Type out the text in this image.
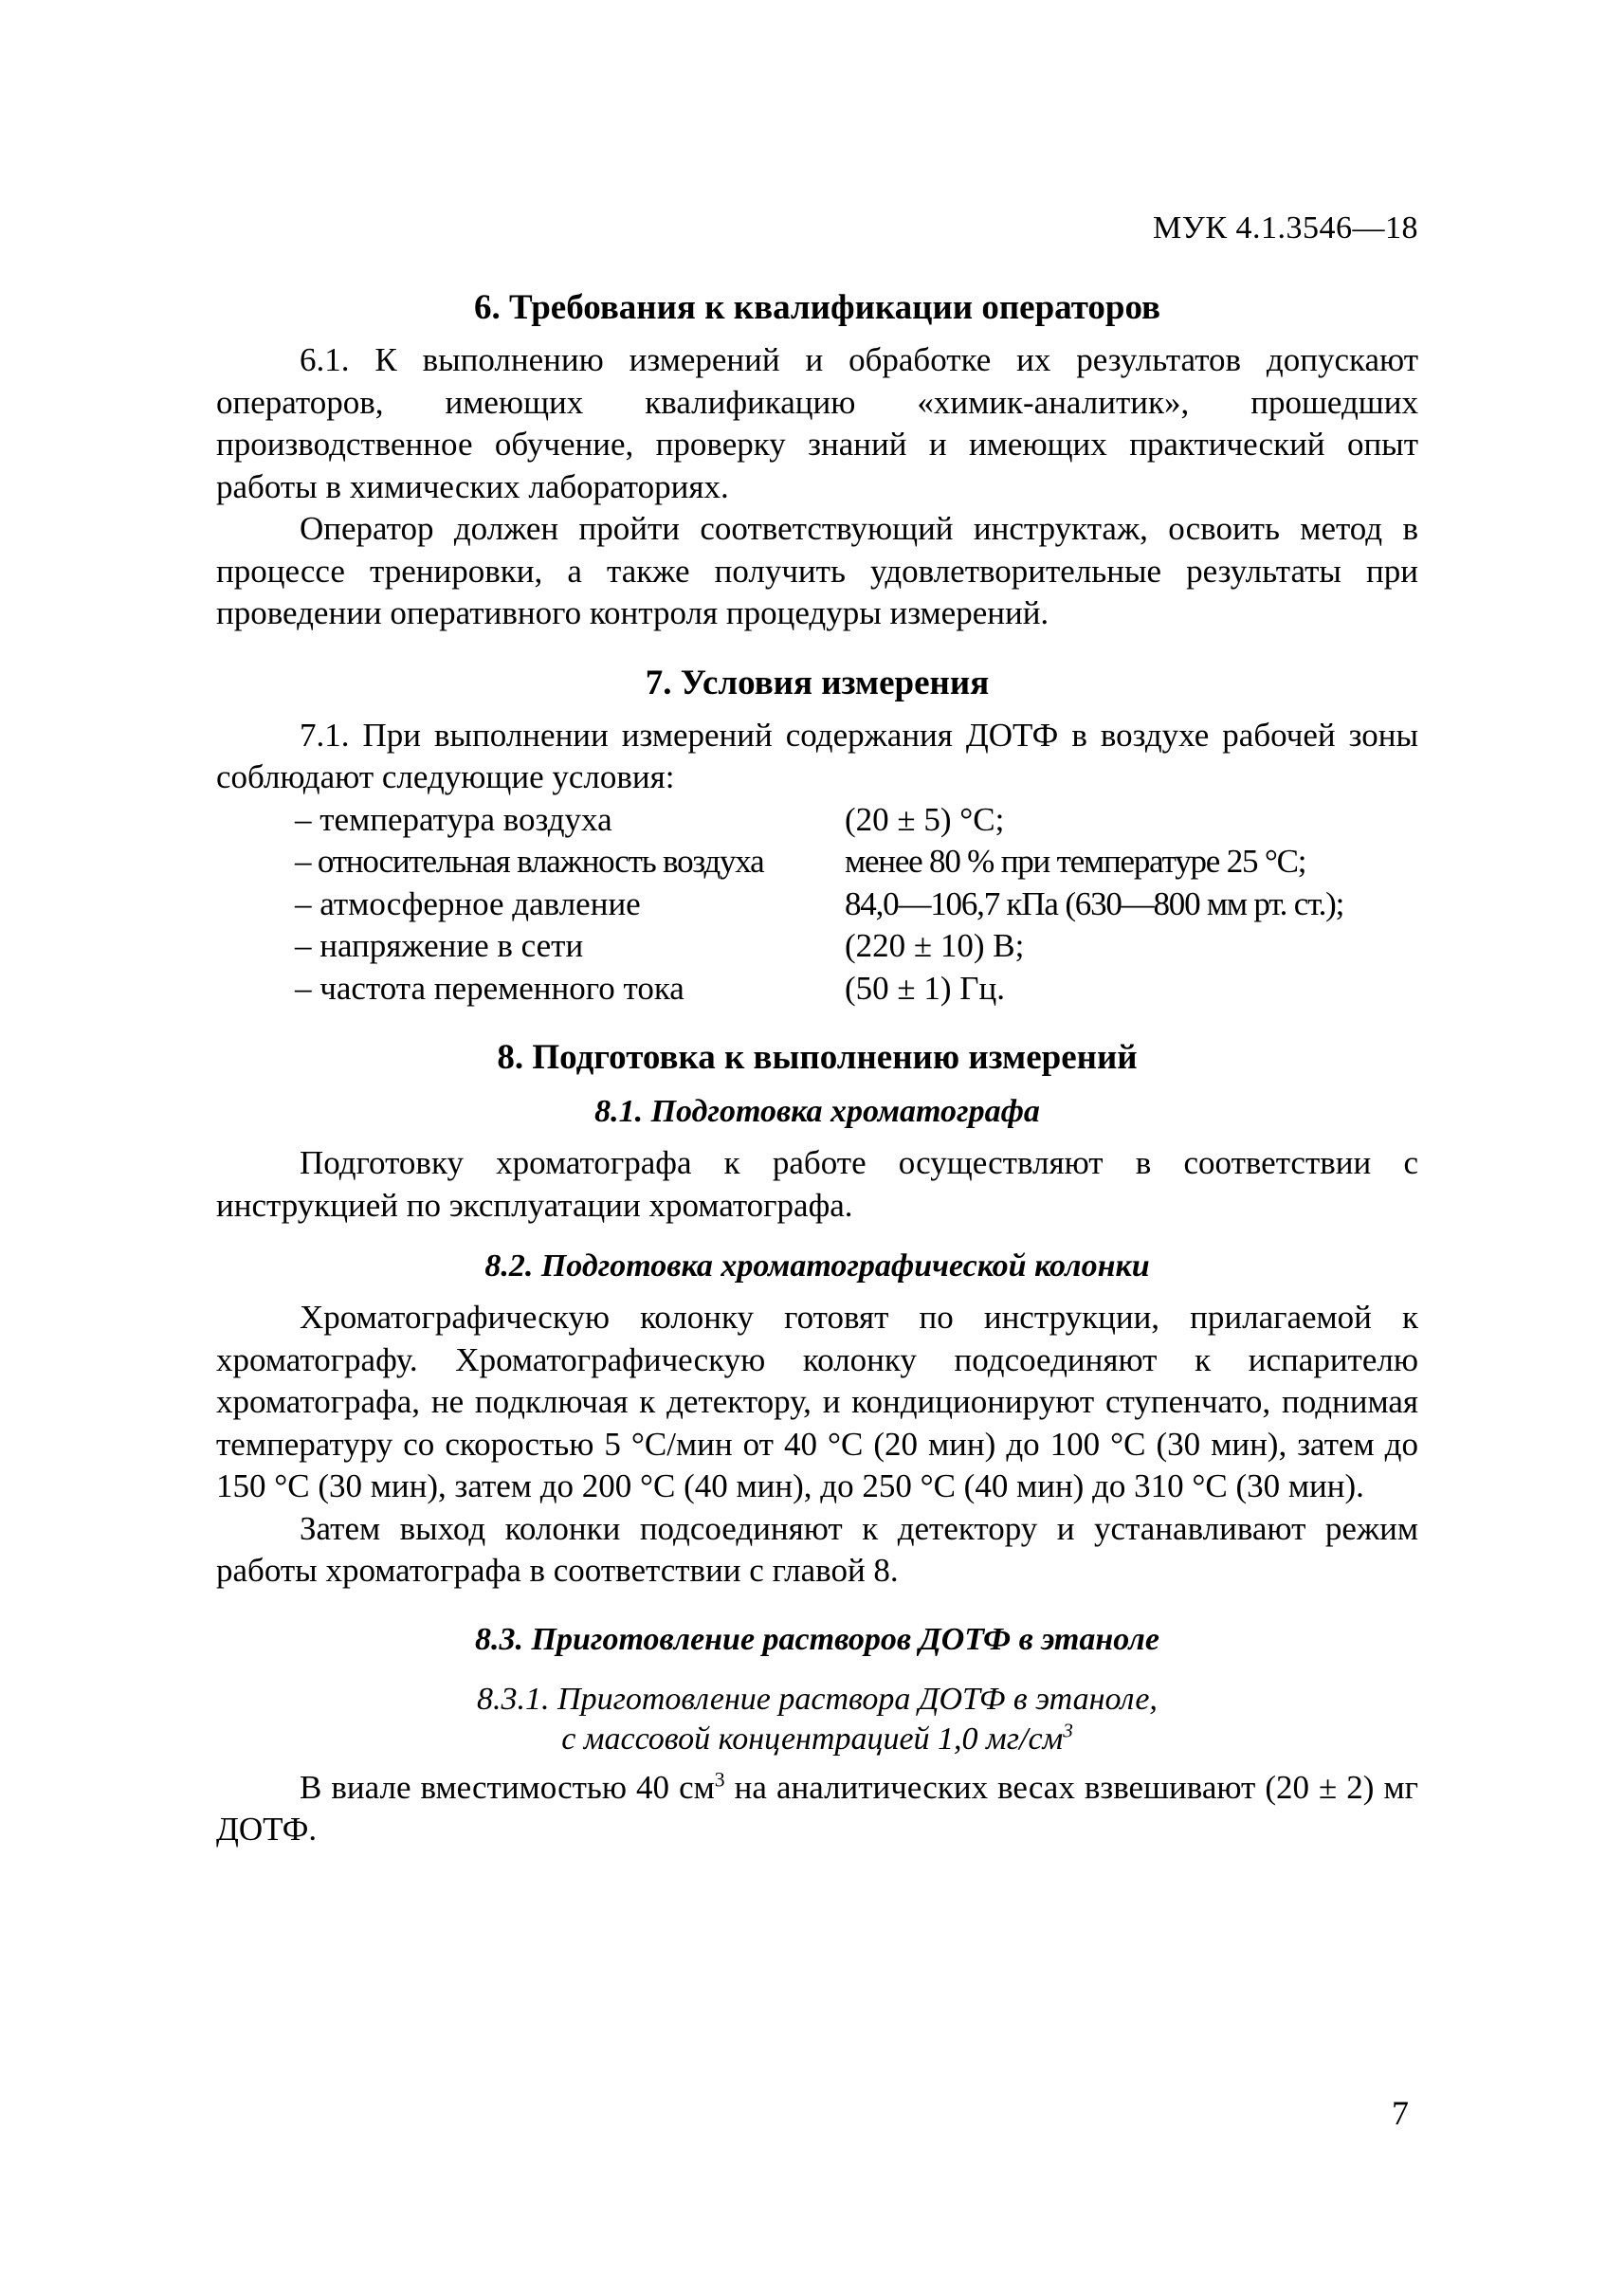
МУК 4.1.3546—18
6. Требования к квалификации операторов

6.1. К выполнению измерений и обработке их результатов допускают операторов, имеющих квалификацию «химик-аналитик», прошедших производственное обучение, проверку знаний и имеющих практический опыт работы в химических лабораториях.

Оператор должен пройти соответствующий инструктаж, освоить метод в процессе тренировки, а также получить удовлетворительные результаты при проведении оперативного контроля процедуры измерений.

7. Условия измерения

7.1. При выполнении измерений содержания ДОТФ в воздухе рабочей зоны соблюдают следующие условия:

– температура воздуха	(20 ± 5) °С;
– относительная влажность воздуха	менее 80 % при температуре 25 °С;
– атмосферное давление	84,0—106,7 кПа (630—800 мм рт. ст.);
– напряжение в сети	(220 ± 10) В;
– частота переменного тока	(50 ± 1) Гц.
8. Подготовка к выполнению измерений
8.1. Подготовка хроматографа

Подготовку хроматографа к работе осуществляют в соответствии с инструкцией по эксплуатации хроматографа.

8.2. Подготовка хроматографической колонки

Хроматографическую колонку готовят по инструкции, прилагаемой к хроматографу. Хроматографическую колонку подсоединяют к испарителю хроматографа, не подключая к детектору, и кондиционируют ступенчато, поднимая температуру со скоростью 5 °С/мин от 40 °С (20 мин) до 100 °С (30 мин), затем до 150 °С (30 мин), затем до 200 °С (40 мин), до 250 °С (40 мин) до 310 °С (30 мин).

Затем выход колонки подсоединяют к детектору и устанавливают режим работы хроматографа в соответствии с главой 8.

8.3. Приготовление растворов ДОТФ в этаноле
8.3.1. Приготовление раствора ДОТФ в этаноле,
с массовой концентрацией 1,0 $мг/см^3$

В виале вместимостью 40 $см^3$ на аналитических весах взвешивают (20 ± 2) мг ДОТФ.

7
